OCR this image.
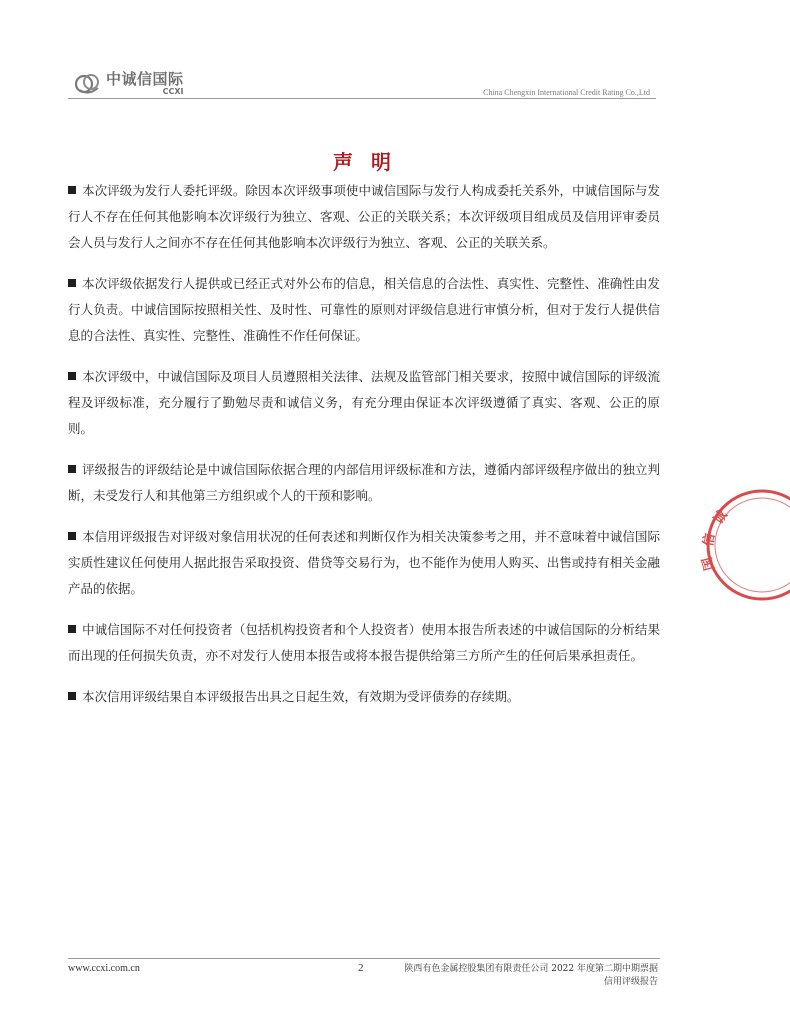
中诚信国际
CCXI	China Chengxin International Credit Rating Co.,Ltd
声明

本次评级为发行人委托评级。除因本次评级事项使中诚信国际与发行人构成委托关系外，中诚信国际与发行人不存在任何其他影响本次评级行为独立、客观、公正的关联关系；本次评级项目组成员及信用评审委员会人员与发行人之间亦不存在任何其他影响本次评级行为独立、客观、公正的关联关系。

本次评级依据发行人提供或已经正式对外公布的信息，相关信息的合法性、真实性、完整性、准确性由发行人负责。中诚信国际按照相关性、及时性、可靠性的原则对评级信息进行审慎分析，但对于发行人提供信息的合法性、真实性、完整性、准确性不作任何保证。

本次评级中，中诚信国际及项目人员遵照相关法律、法规及监管部门相关要求，按照中诚信国际的评级流程及评级标准，充分履行了勤勉尽责和诚信义务，有充分理由保证本次评级遵循了真实、客观、公正的原则。

评级报告的评级结论是中诚信国际依据合理的内部信用评级标准和方法，遵循内部评级程序做出的独立判断，未受发行人和其他第三方组织或个人的干预和影响。

本信用评级报告对评级对象信用状况的任何表述和判断仅作为相关决策参考之用，并不意味着中诚信国际实质性建议任何使用人据此报告采取投资、借贷等交易行为，也不能作为使用人购买、出售或持有相关金融产品的依据。

中诚信国际不对任何投资者（包括机构投资者和个人投资者）使用本报告所表述的中诚信国际的分析结果而出现的任何损失负责，亦不对发行人使用本报告或将本报告提供给第三方所产生的任何后果承担责任。

本次信用评级结果自本评级报告出具之日起生效，有效期为受评债券的存续期。

诚
信
国
www.ccxi.com.cn	2	陕西有色金属控股集团有限责任公司 2022 年度第二期中期票据
信用评级报告
